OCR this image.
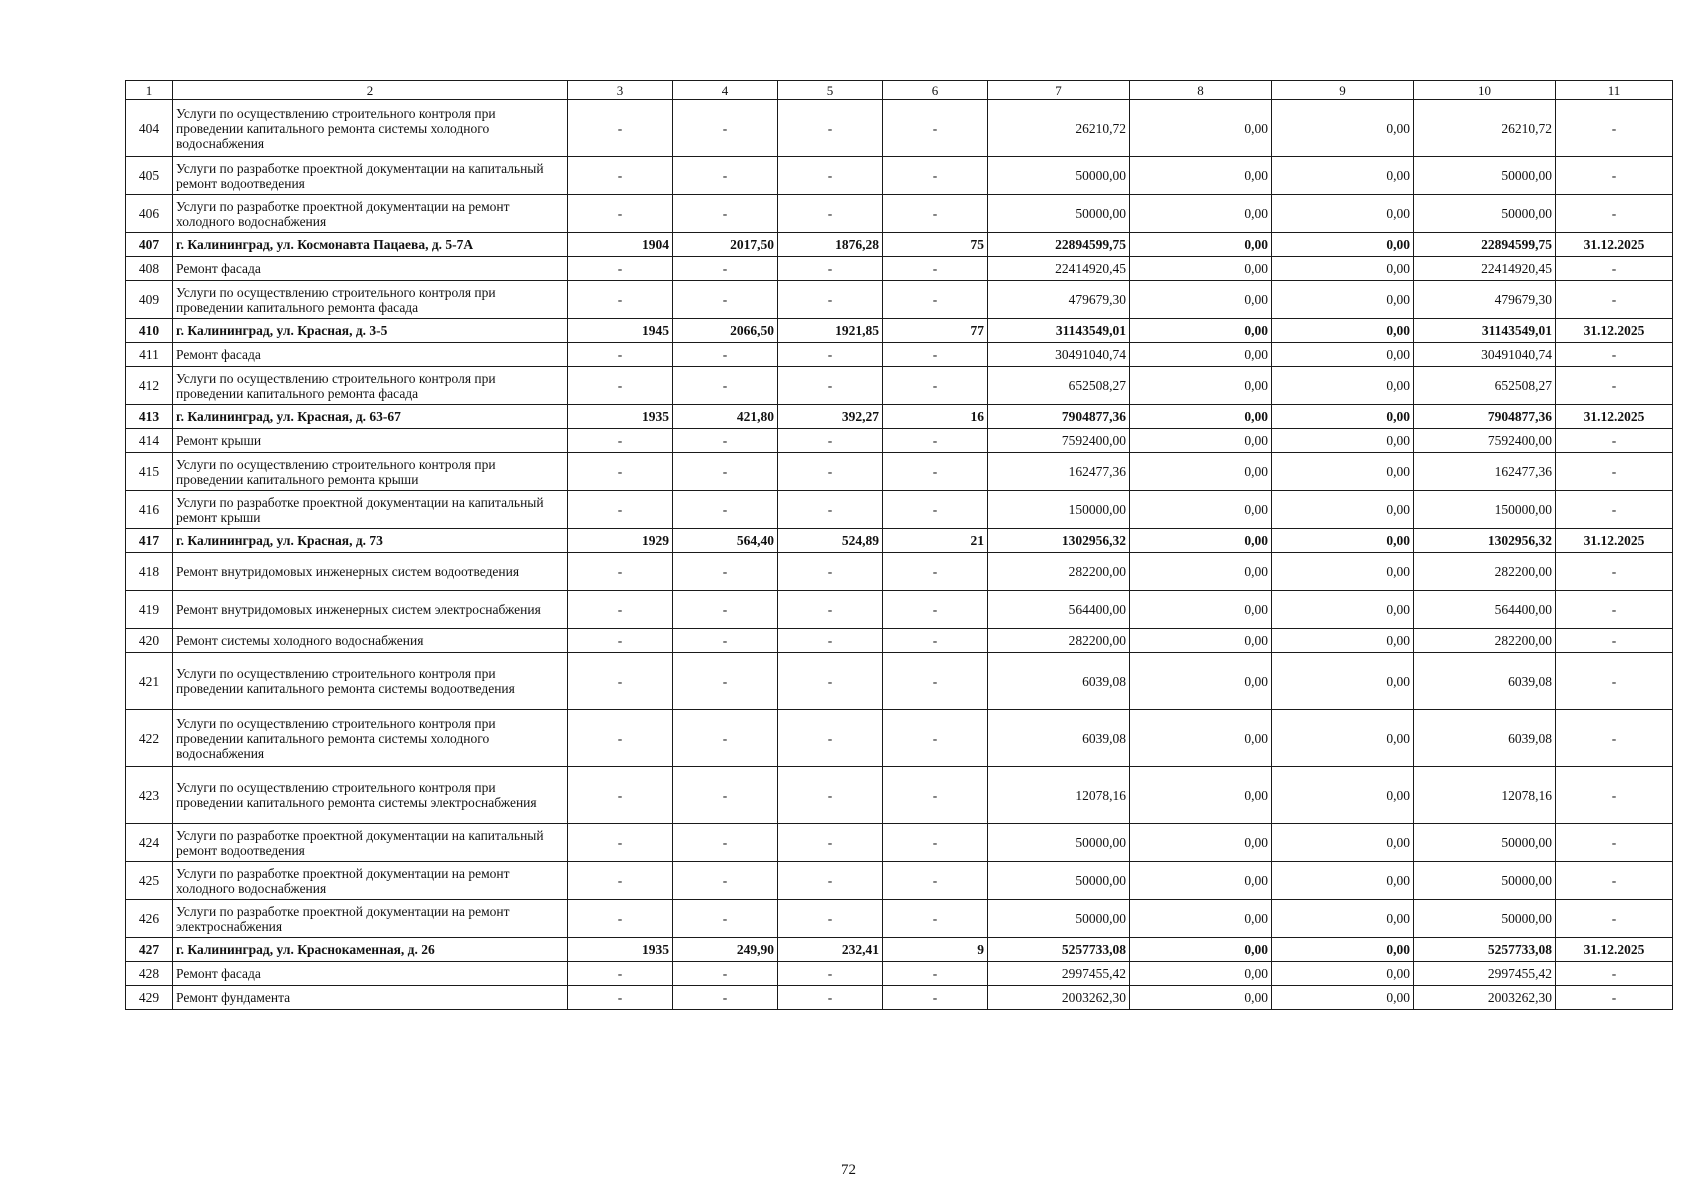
1	2	3	4	5	6	7	8	9	10	11
404	Услуги по осуществлению строительного контроля при проведении капитального ремонта системы холодного водоснабжения	-	-	-	-	26210,72	0,00	0,00	26210,72	-
405	Услуги по разработке проектной документации на капитальный ремонт водоотведения	-	-	-	-	50000,00	0,00	0,00	50000,00	-
406	Услуги по разработке проектной документации на ремонт холодного водоснабжения	-	-	-	-	50000,00	0,00	0,00	50000,00	-
407	г. Калининград, ул. Космонавта Пацаева, д. 5-7А	1904	2017,50	1876,28	75	22894599,75	0,00	0,00	22894599,75	31.12.2025
408	Ремонт фасада	-	-	-	-	22414920,45	0,00	0,00	22414920,45	-
409	Услуги по осуществлению строительного контроля при проведении капитального ремонта фасада	-	-	-	-	479679,30	0,00	0,00	479679,30	-
410	г. Калининград, ул. Красная, д. 3-5	1945	2066,50	1921,85	77	31143549,01	0,00	0,00	31143549,01	31.12.2025
411	Ремонт фасада	-	-	-	-	30491040,74	0,00	0,00	30491040,74	-
412	Услуги по осуществлению строительного контроля при проведении капитального ремонта фасада	-	-	-	-	652508,27	0,00	0,00	652508,27	-
413	г. Калининград, ул. Красная, д. 63-67	1935	421,80	392,27	16	7904877,36	0,00	0,00	7904877,36	31.12.2025
414	Ремонт крыши	-	-	-	-	7592400,00	0,00	0,00	7592400,00	-
415	Услуги по осуществлению строительного контроля при проведении капитального ремонта крыши	-	-	-	-	162477,36	0,00	0,00	162477,36	-
416	Услуги по разработке проектной документации на капитальный ремонт крыши	-	-	-	-	150000,00	0,00	0,00	150000,00	-
417	г. Калининград, ул. Красная, д. 73	1929	564,40	524,89	21	1302956,32	0,00	0,00	1302956,32	31.12.2025
418	Ремонт внутридомовых инженерных систем водоотведения	-	-	-	-	282200,00	0,00	0,00	282200,00	-
419	Ремонт внутридомовых инженерных систем электроснабжения	-	-	-	-	564400,00	0,00	0,00	564400,00	-
420	Ремонт системы холодного водоснабжения	-	-	-	-	282200,00	0,00	0,00	282200,00	-
421	Услуги по осуществлению строительного контроля при проведении капитального ремонта системы водоотведения	-	-	-	-	6039,08	0,00	0,00	6039,08	-
422	Услуги по осуществлению строительного контроля при проведении капитального ремонта системы холодного водоснабжения	-	-	-	-	6039,08	0,00	0,00	6039,08	-
423	Услуги по осуществлению строительного контроля при проведении капитального ремонта системы электроснабжения	-	-	-	-	12078,16	0,00	0,00	12078,16	-
424	Услуги по разработке проектной документации на капитальный ремонт водоотведения	-	-	-	-	50000,00	0,00	0,00	50000,00	-
425	Услуги по разработке проектной документации на ремонт холодного водоснабжения	-	-	-	-	50000,00	0,00	0,00	50000,00	-
426	Услуги по разработке проектной документации на ремонт электроснабжения	-	-	-	-	50000,00	0,00	0,00	50000,00	-
427	г. Калининград, ул. Краснокаменная, д. 26	1935	249,90	232,41	9	5257733,08	0,00	0,00	5257733,08	31.12.2025
428	Ремонт фасада	-	-	-	-	2997455,42	0,00	0,00	2997455,42	-
429	Ремонт фундамента	-	-	-	-	2003262,30	0,00	0,00	2003262,30	-
72
